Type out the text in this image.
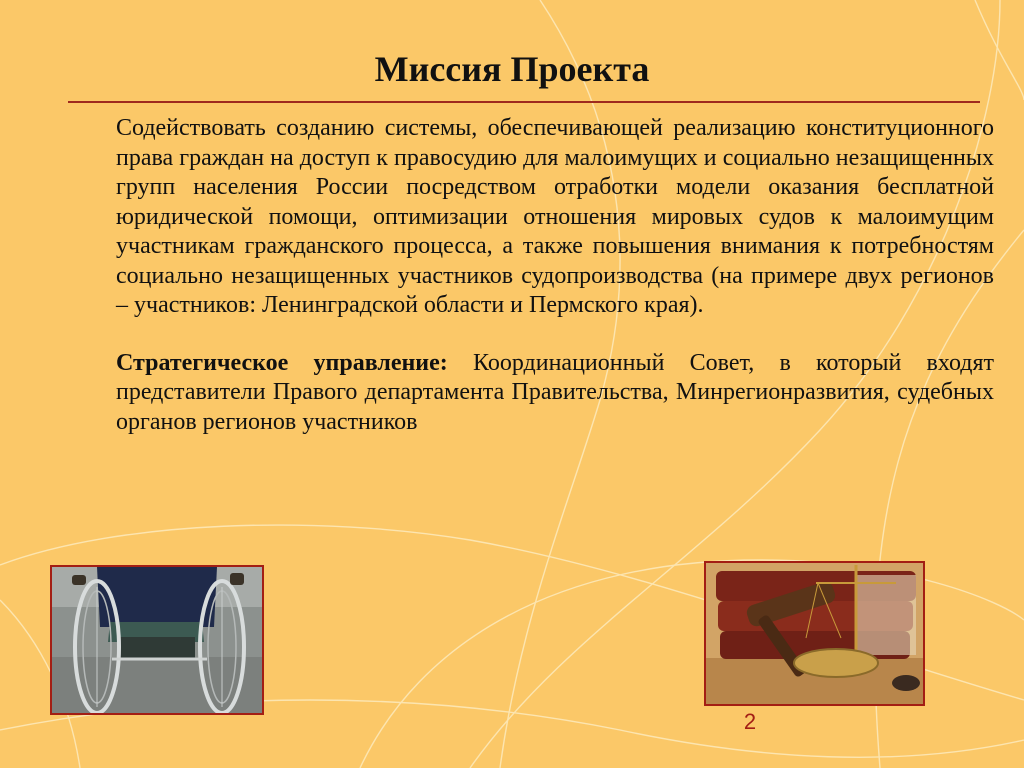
Миссия Проекта

Содействовать созданию системы, обеспечивающей реализацию конституционного права граждан на доступ к правосудию для малоимущих и социально незащищенных групп населения России посредством отработки модели оказания бесплатной юридической помощи, оптимизации отношения мировых судов к малоимущим участникам гражданского процесса, а также повышения внимания к потребностям социально незащищенных участников судопроизводства (на примере двух регионов – участников: Ленинградской области и Пермского края).

Стратегическое управление: Координационный Совет, в который входят представители Правого департамента Правительства, Минрегионразвития, судебных органов регионов участников

2
